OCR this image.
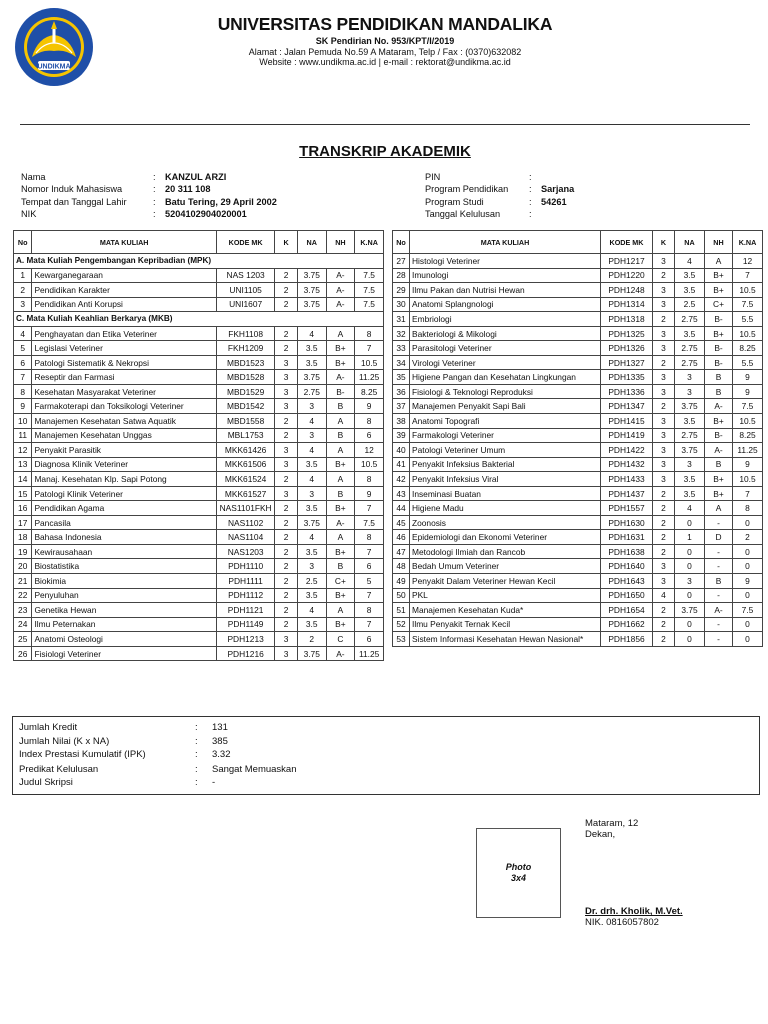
UNDIKMA
UNIVERSITAS PENDIDIKAN MANDALIKA
SK Pendirian No. 953/KPT/I/2019
Alamat : Jalan Pemuda No.59 A Mataram, Telp / Fax : (0370)632082
Website : www.undikma.ac.id | e-mail : rektorat@undikma.ac.id
TRANSKRIP AKADEMIK
Nama	:	KANZUL ARZI
Nomor Induk Mahasiswa	:	20 311 108
Tempat dan Tanggal Lahir	:	Batu Tering, 29 April 2002
NIK	:	5204102904020001
PIN	:
Program Pendidikan	:	Sarjana
Program Studi	:	54261
Tanggal Kelulusan	:
No	MATA KULIAH	KODE MK	K	NA	NH	K.NA
A. Mata Kuliah Pengembangan Kepribadian (MPK)						
1	Kewarganegaraan	NAS 1203	2	3.75	A-	7.5
2	Pendidikan Karakter	UNI1105	2	3.75	A-	7.5
3	Pendidikan Anti Korupsi	UNI1607	2	3.75	A-	7.5
C. Mata Kuliah Keahlian Berkarya (MKB)						
4	Penghayatan dan Etika Veteriner	FKH1108	2	4	A	8
5	Legislasi Veteriner	FKH1209	2	3.5	B+	7
6	Patologi Sistematik & Nekropsi	MBD1523	3	3.5	B+	10.5
7	Reseptir dan Farmasi	MBD1528	3	3.75	A-	11.25
8	Kesehatan Masyarakat Veteriner	MBD1529	3	2.75	B-	8.25
9	Farmakoterapi dan Toksikologi Veteriner	MBD1542	3	3	B	9
10	Manajemen Kesehatan Satwa Aquatik	MBD1558	2	4	A	8
11	Manajemen Kesehatan Unggas	MBL1753	2	3	B	6
12	Penyakit Parasitik	MKK61426	3	4	A	12
13	Diagnosa Klinik Veteriner	MKK61506	3	3.5	B+	10.5
14	Manaj. Kesehatan Klp. Sapi Potong	MKK61524	2	4	A	8
15	Patologi Klinik Veteriner	MKK61527	3	3	B	9
16	Pendidikan Agama	NAS1101FKH	2	3.5	B+	7
17	Pancasila	NAS1102	2	3.75	A-	7.5
18	Bahasa Indonesia	NAS1104	2	4	A	8
19	Kewirausahaan	NAS1203	2	3.5	B+	7
20	Biostatistika	PDH1110	2	3	B	6
21	Biokimia	PDH1111	2	2.5	C+	5
22	Penyuluhan	PDH1112	2	3.5	B+	7
23	Genetika Hewan	PDH1121	2	4	A	8
24	Ilmu Peternakan	PDH1149	2	3.5	B+	7
25	Anatomi Osteologi	PDH1213	3	2	C	6
26	Fisiologi Veteriner	PDH1216	3	3.75	A-	11.25
No	MATA KULIAH	KODE MK	K	NA	NH	K.NA
27	Histologi Veteriner	PDH1217	3	4	A	12
28	Imunologi	PDH1220	2	3.5	B+	7
29	Ilmu Pakan dan Nutrisi Hewan	PDH1248	3	3.5	B+	10.5
30	Anatomi Splangnologi	PDH1314	3	2.5	C+	7.5
31	Embriologi	PDH1318	2	2.75	B-	5.5
32	Bakteriologi & Mikologi	PDH1325	3	3.5	B+	10.5
33	Parasitologi Veteriner	PDH1326	3	2.75	B-	8.25
34	Virologi Veteriner	PDH1327	2	2.75	B-	5.5
35	Higiene Pangan dan Kesehatan Lingkungan	PDH1335	3	3	B	9
36	Fisiologi & Teknologi Reproduksi	PDH1336	3	3	B	9
37	Manajemen Penyakit Sapi Bali	PDH1347	2	3.75	A-	7.5
38	Anatomi Topografi	PDH1415	3	3.5	B+	10.5
39	Farmakologi Veteriner	PDH1419	3	2.75	B-	8.25
40	Patologi Veteriner Umum	PDH1422	3	3.75	A-	11.25
41	Penyakit Infeksius Bakterial	PDH1432	3	3	B	9
42	Penyakit Infeksius Viral	PDH1433	3	3.5	B+	10.5
43	Inseminasi Buatan	PDH1437	2	3.5	B+	7
44	Higiene Madu	PDH1557	2	4	A	8
45	Zoonosis	PDH1630	2	0	-	0
46	Epidemiologi dan Ekonomi Veteriner	PDH1631	2	1	D	2
47	Metodologi Ilmiah dan Rancob	PDH1638	2	0	-	0
48	Bedah Umum Veteriner	PDH1640	3	0	-	0
49	Penyakit Dalam Veteriner Hewan Kecil	PDH1643	3	3	B	9
50	PKL	PDH1650	4	0	-	0
51	Manajemen Kesehatan Kuda*	PDH1654	2	3.75	A-	7.5
52	Ilmu Penyakit Ternak Kecil	PDH1662	2	0	-	0
53	Sistem Informasi Kesehatan Hewan Nasional*	PDH1856	2	0	-	0
Jumlah Kredit	:	131
Jumlah Nilai (K x NA)	:	385
Index Prestasi Kumulatif (IPK)	:	3.32
Predikat Kelulusan	:	Sangat Memuaskan
Judul Skripsi	:	-
Photo
3x4
Mataram, 12
Dekan,
Dr. drh. Kholik, M.Vet.
NIK. 0816057802
